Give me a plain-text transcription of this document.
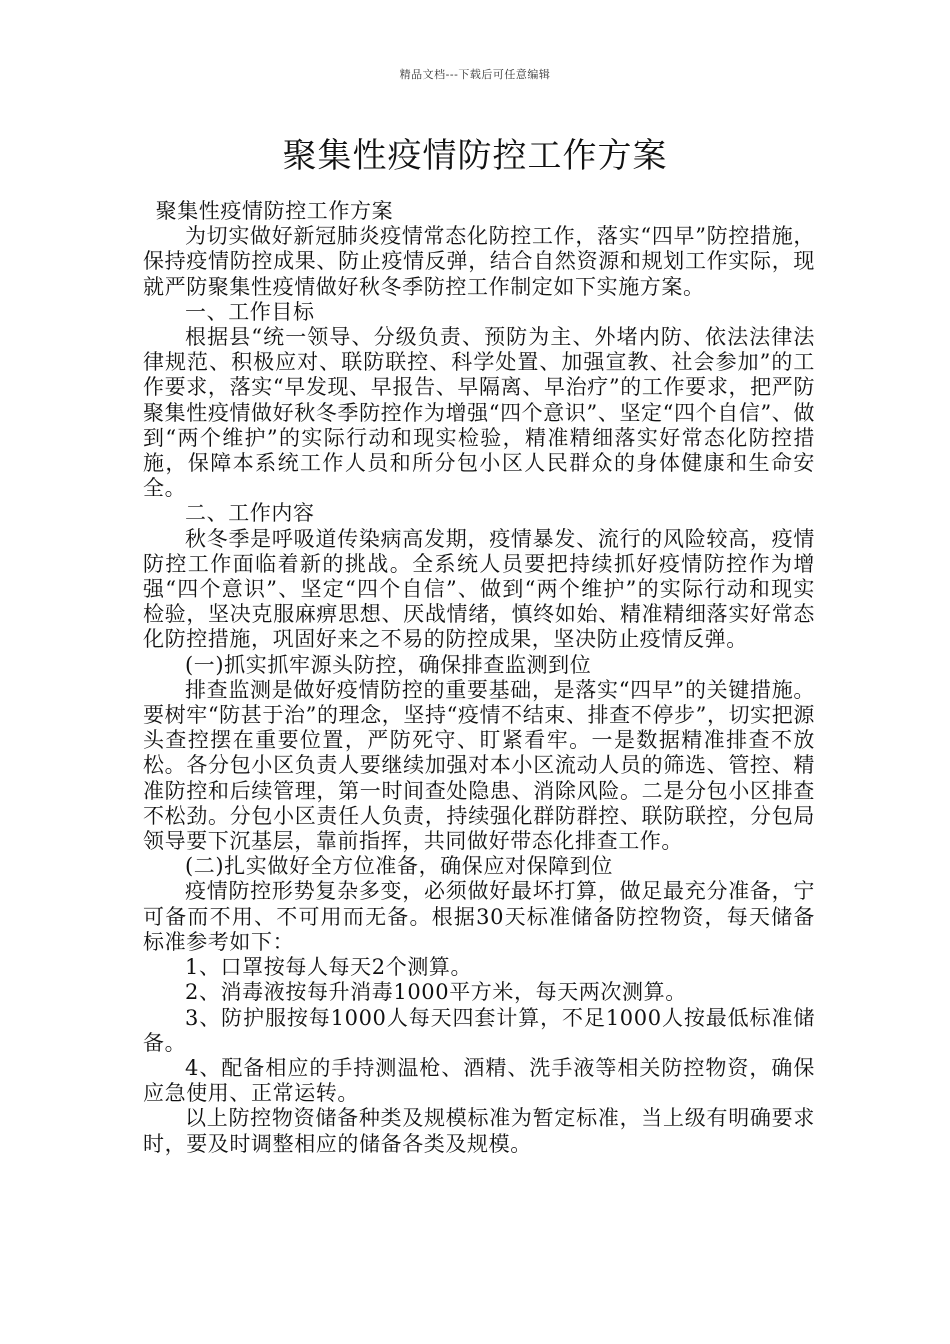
精品文档---下载后可任意编辑
聚集性疫情防控工作方案

聚集性疫情防控工作方案

为切实做好新冠肺炎疫情常态化防控工作，落实“四早”防控措施，保持疫情防控成果、防止疫情反弹，结合自然资源和规划工作实际，现就严防聚集性疫情做好秋冬季防控工作制定如下实施方案。

一、工作目标

根据县“统一领导、分级负责、预防为主、外堵内防、依法法律法律规范、积极应对、联防联控、科学处置、加强宣教、社会参加”的工作要求，落实“早发现、早报告、早隔离、早治疗”的工作要求，把严防聚集性疫情做好秋冬季防控作为增强“四个意识”、坚定“四个自信”、做到“两个维护”的实际行动和现实检验，精准精细落实好常态化防控措施，保障本系统工作人员和所分包小区人民群众的身体健康和生命安全。

二、工作内容

秋冬季是呼吸道传染病高发期，疫情暴发、流行的风险较高，疫情防控工作面临着新的挑战。全系统人员要把持续抓好疫情防控作为增强“四个意识”、坚定“四个自信”、做到“两个维护”的实际行动和现实检验，坚决克服麻痹思想、厌战情绪，慎终如始、精准精细落实好常态化防控措施，巩固好来之不易的防控成果，坚决防止疫情反弹。

(一)抓实抓牢源头防控，确保排查监测到位

排查监测是做好疫情防控的重要基础，是落实“四早”的关键措施。要树牢“防甚于治”的理念，坚持“疫情不结束、排查不停步”，切实把源头查控摆在重要位置，严防死守、盯紧看牢。一是数据精准排查不放松。各分包小区负责人要继续加强对本小区流动人员的筛选、管控、精准防控和后续管理，第一时间查处隐患、消除风险。二是分包小区排查不松劲。分包小区责任人负责，持续强化群防群控、联防联控，分包局领导要下沉基层，靠前指挥，共同做好带态化排查工作。

(二)扎实做好全方位准备，确保应对保障到位

疫情防控形势复杂多变，必须做好最坏打算，做足最充分准备，宁可备而不用、不可用而无备。根据30天标准储备防控物资，每天储备标准参考如下：

1、口罩按每人每天2个测算。

2、消毒液按每升消毒1000平方米，每天两次测算。

3、防护服按每1000人每天四套计算，不足1000人按最低标准储备。

4、配备相应的手持测温枪、酒精、洗手液等相关防控物资，确保应急使用、正常运转。

以上防控物资储备种类及规模标准为暂定标准，当上级有明确要求时，要及时调整相应的储备各类及规模。
